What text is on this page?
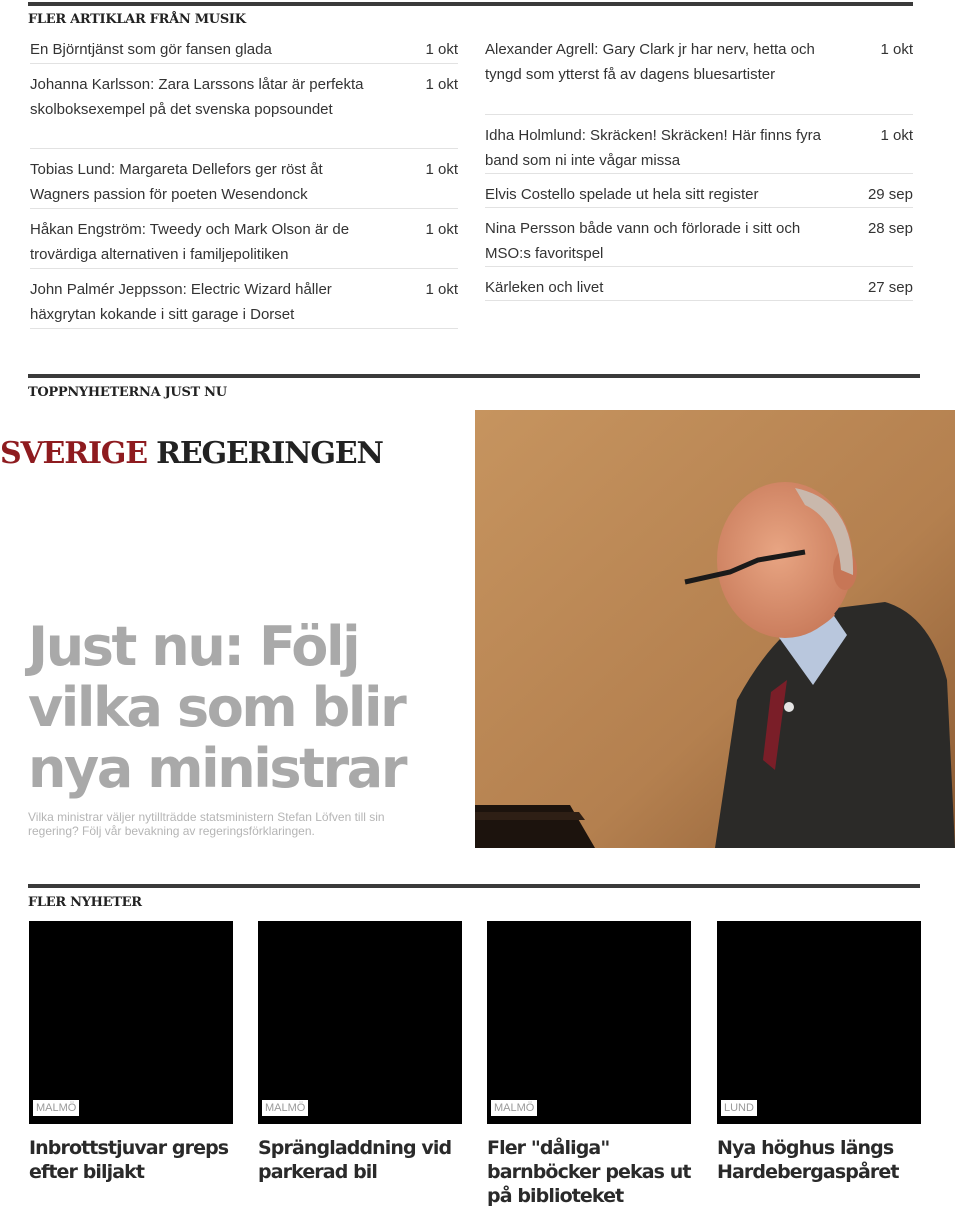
FLER ARTIKLAR FRÅN MUSIK
En Björntjänst som gör fansen glada	1 okt
Johanna Karlsson: Zara Larssons låtar är perfekta skolboksexempel på det svenska popsoundet
1 okt
Tobias Lund: Margareta Dellefors ger röst åt Wagners passion för poeten Wesendonck
1 okt
Håkan Engström: Tweedy och Mark Olson är de trovärdiga alternativen i familjepolitiken
1 okt
John Palmér Jeppsson: Electric Wizard håller häxgrytan kokande i sitt garage i Dorset
1 okt
Alexander Agrell: Gary Clark jr har nerv, hetta och tyngd som ytterst få av dagens bluesartister
1 okt
Idha Holmlund: Skräcken! Skräcken! Här finns fyra band som ni inte vågar missa
1 okt
Elvis Costello spelade ut hela sitt register	29 sep
Nina Persson både vann och förlorade i sitt och MSO:s favoritspel
28 sep
Kärleken och livet	27 sep
TOPPNYHETERNA JUST NU
SVERIGE REGERINGEN
Just nu: Följ vilka som blir nya ministrar
Vilka ministrar väljer nytillträdde statsministern Stefan Löfven till sin regering? Följ vår bevakning av regeringsförklaringen.
FLER NYHETER
MALMÖ
Inbrottstjuvar greps efter biljakt
MALMÖ
Sprängladdning vid parkerad bil
MALMÖ
Fler "dåliga" barnböcker pekas ut på biblioteket
LUND
Nya höghus längs Hardebergaspåret
